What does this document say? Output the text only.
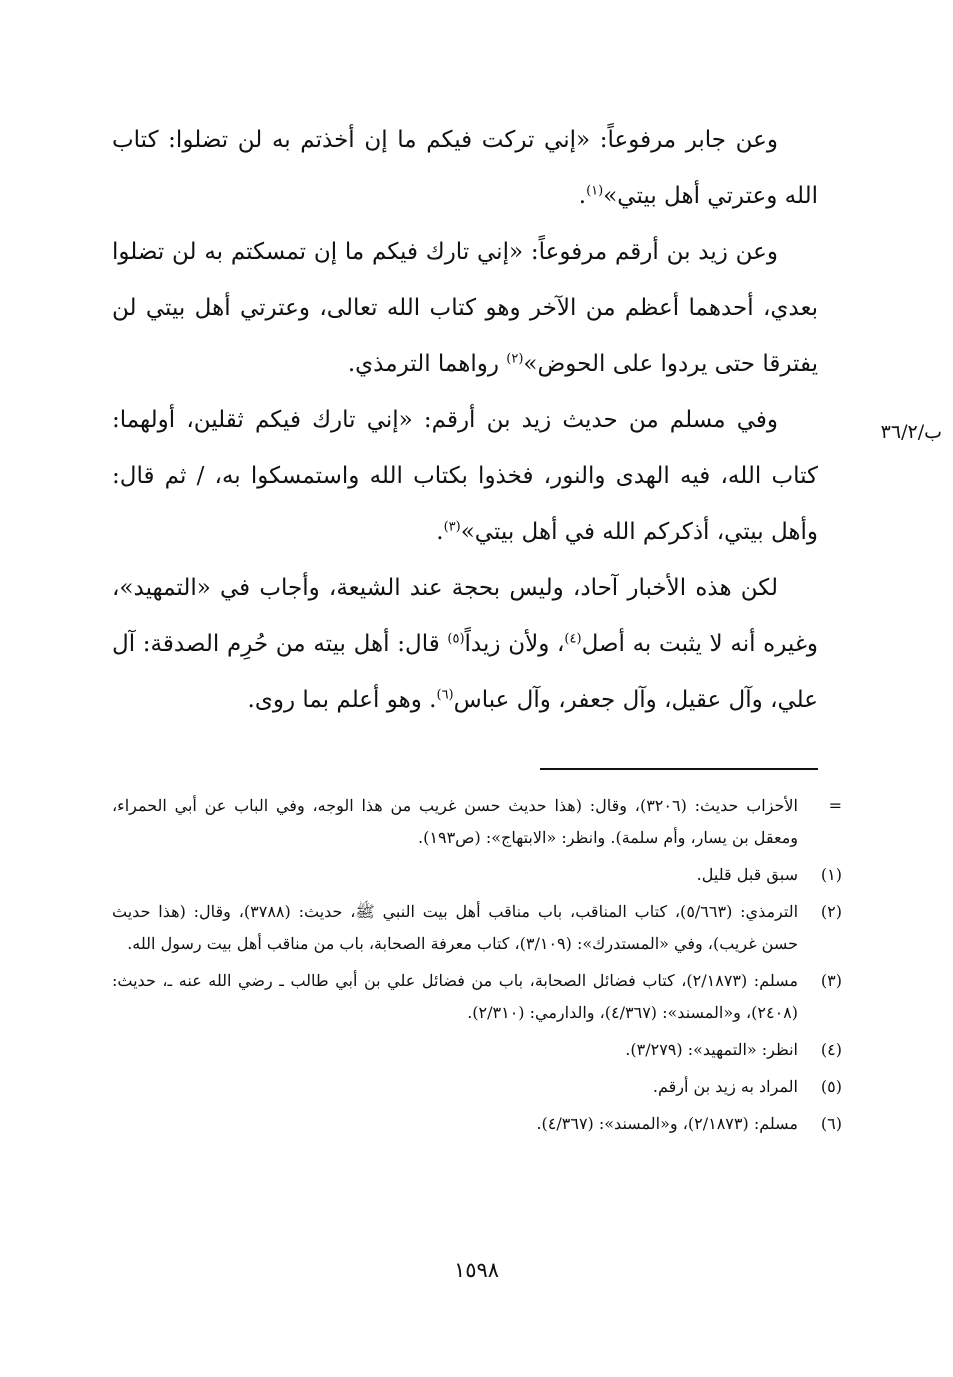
وعن جابر مرفوعاً: «إني تركت فيكم ما إن أخذتم به لن تضلوا: كتاب الله وعترتي أهل بيتي»$^{(١)}$.

وعن زيد بن أرقم مرفوعاً: «إني تارك فيكم ما إن تمسكتم به لن تضلوا بعدي، أحدهما أعظم من الآخر وهو كتاب الله تعالى، وعترتي أهل بيتي لن يفترقا حتى يردوا على الحوض»$^{(٢)}$ رواهما الترمذي.

وفي مسلم من حديث زيد بن أرقم: «إني تارك فيكم ثقلين، أولهما: كتاب الله، فيه الهدى والنور، فخذوا بكتاب الله واستمسكوا به، / ثم قال: وأهل بيتي، أذكركم الله في أهل بيتي»$^{(٣)}$.

لكن هذه الأخبار آحاد، وليس بحجة عند الشيعة، وأجاب في «التمهيد»، وغيره أنه لا يثبت به أصل$^{(٤)}$، ولأن زيداً$^{(٥)}$ قال: أهل بيته من حُرِم الصدقة: آل علي، وآل عقيل، وآل جعفر، وآل عباس$^{(٦)}$. وهو أعلم بما روى.

ب/٣٦/٢
=
الأحزاب حديث: (٣٢٠٦)، وقال: (هذا حديث حسن غريب من هذا الوجه، وفي الباب عن أبي الحمراء، ومعقل بن يسار، وأم سلمة). وانظر: «الابتهاج»: (ص١٩٣).
(١)
سبق قبل قليل.
(٢)
الترمذي: (٥/٦٦٣)، كتاب المناقب، باب مناقب أهل بيت النبي ﷺ، حديث: (٣٧٨٨)، وقال: (هذا حديث حسن غريب)، وفي «المستدرك»: (٣/١٠٩)، كتاب معرفة الصحابة، باب من مناقب أهل بيت رسول الله.
(٣)
مسلم: (٢/١٨٧٣)، كتاب فضائل الصحابة، باب من فضائل علي بن أبي طالب ـ رضي الله عنه ـ، حديث: (٢٤٠٨)، و«المسند»: (٤/٣٦٧)، والدارمي: (٢/٣١٠).
(٤)
انظر: «التمهيد»: (٣/٢٧٩).
(٥)
المراد به زيد بن أرقم.
(٦)
مسلم: (٢/١٨٧٣)، و«المسند»: (٤/٣٦٧).
١٥٩٨
